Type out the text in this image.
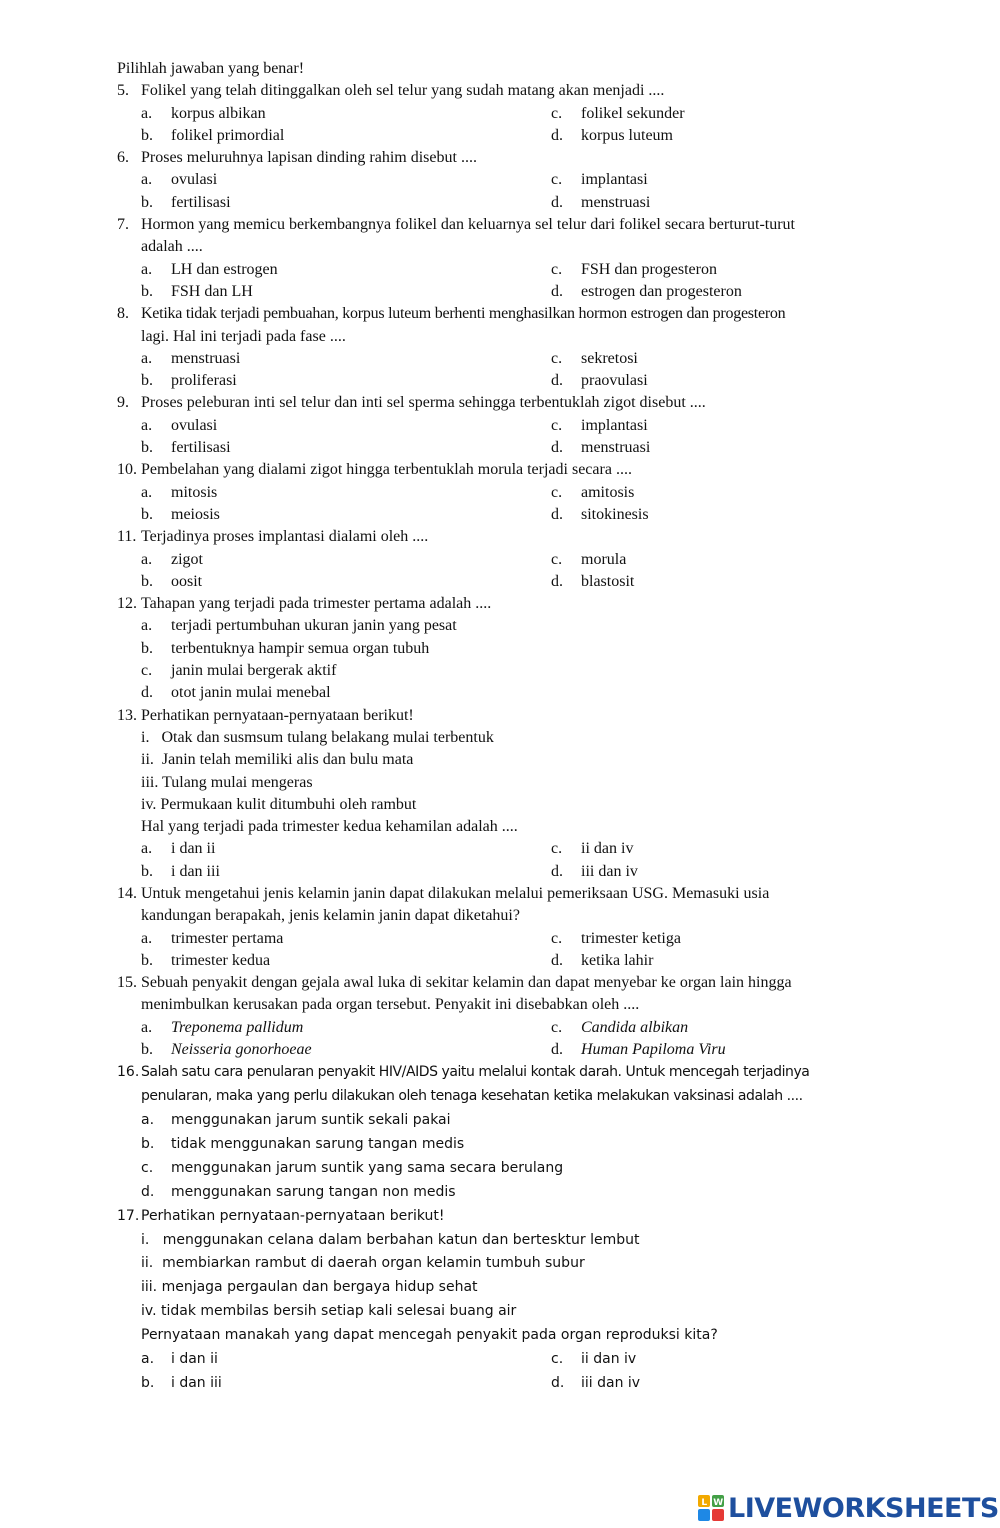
Pilihlah jawaban yang benar!
5. Folikel yang telah ditinggalkan oleh sel telur yang sudah matang akan menjadi ....
a. korpus albikan	c. folikel sekunder
b. folikel primordial	d. korpus luteum
6. Proses meluruhnya lapisan dinding rahim disebut ....
a. ovulasi	c. implantasi
b. fertilisasi	d. menstruasi
7. Hormon yang memicu berkembangnya folikel dan keluarnya sel telur dari folikel secara berturut-turut
adalah ....
a. LH dan estrogen	c. FSH dan progesteron
b. FSH dan LH	d. estrogen dan progesteron
8. Ketika tidak terjadi pembuahan, korpus luteum berhenti menghasilkan hormon estrogen dan progesteron
lagi. Hal ini terjadi pada fase ....
a. menstruasi	c. sekretosi
b. proliferasi	d. praovulasi
9. Proses peleburan inti sel telur dan inti sel sperma sehingga terbentuklah zigot disebut ....
a. ovulasi	c. implantasi
b. fertilisasi	d. menstruasi
10. Pembelahan yang dialami zigot hingga terbentuklah morula terjadi secara ....
a. mitosis	c. amitosis
b. meiosis	d. sitokinesis
11. Terjadinya proses implantasi dialami oleh ....
a. zigot	c. morula
b. oosit	d. blastosit
12. Tahapan yang terjadi pada trimester pertama adalah ....
a. terjadi pertumbuhan ukuran janin yang pesat
b. terbentuknya hampir semua organ tubuh
c. janin mulai bergerak aktif
d. otot janin mulai menebal
13. Perhatikan pernyataan-pernyataan berikut!
i.   Otak dan susmsum tulang belakang mulai terbentuk
ii.  Janin telah memiliki alis dan bulu mata
iii. Tulang mulai mengeras
iv. Permukaan kulit ditumbuhi oleh rambut
Hal yang terjadi pada trimester kedua kehamilan adalah ....
a. i dan ii	c. ii dan iv
b. i dan iii	d. iii dan iv
14. Untuk mengetahui jenis kelamin janin dapat dilakukan melalui pemeriksaan USG. Memasuki usia
kandungan berapakah, jenis kelamin janin dapat diketahui?
a. trimester pertama	c. trimester ketiga
b. trimester kedua	d. ketika lahir
15. Sebuah penyakit dengan gejala awal luka di sekitar kelamin dan dapat menyebar ke organ lain hingga
menimbulkan kerusakan pada organ tersebut. Penyakit ini disebabkan oleh ....
a. Treponema pallidum	c. Candida albikan
b. Neisseria gonorhoeae	d. Human Papiloma Viru
16. Salah satu cara penularan penyakit HIV/AIDS yaitu melalui kontak darah. Untuk mencegah terjadinya
penularan, maka yang perlu dilakukan oleh tenaga kesehatan ketika melakukan vaksinasi adalah ....
a. menggunakan jarum suntik sekali pakai
b. tidak menggunakan sarung tangan medis
c. menggunakan jarum suntik yang sama secara berulang
d. menggunakan sarung tangan non medis
17. Perhatikan pernyataan-pernyataan berikut!
i.   menggunakan celana dalam berbahan katun dan bertesktur lembut
ii.  membiarkan rambut di daerah organ kelamin tumbuh subur
iii. menjaga pergaulan dan bergaya hidup sehat
iv. tidak membilas bersih setiap kali selesai buang air
Pernyataan manakah yang dapat mencegah penyakit pada organ reproduksi kita?
a. i dan ii	c. ii dan iv
b. i dan iii	d. iii dan iv
L W LIVEWORKSHEETS
